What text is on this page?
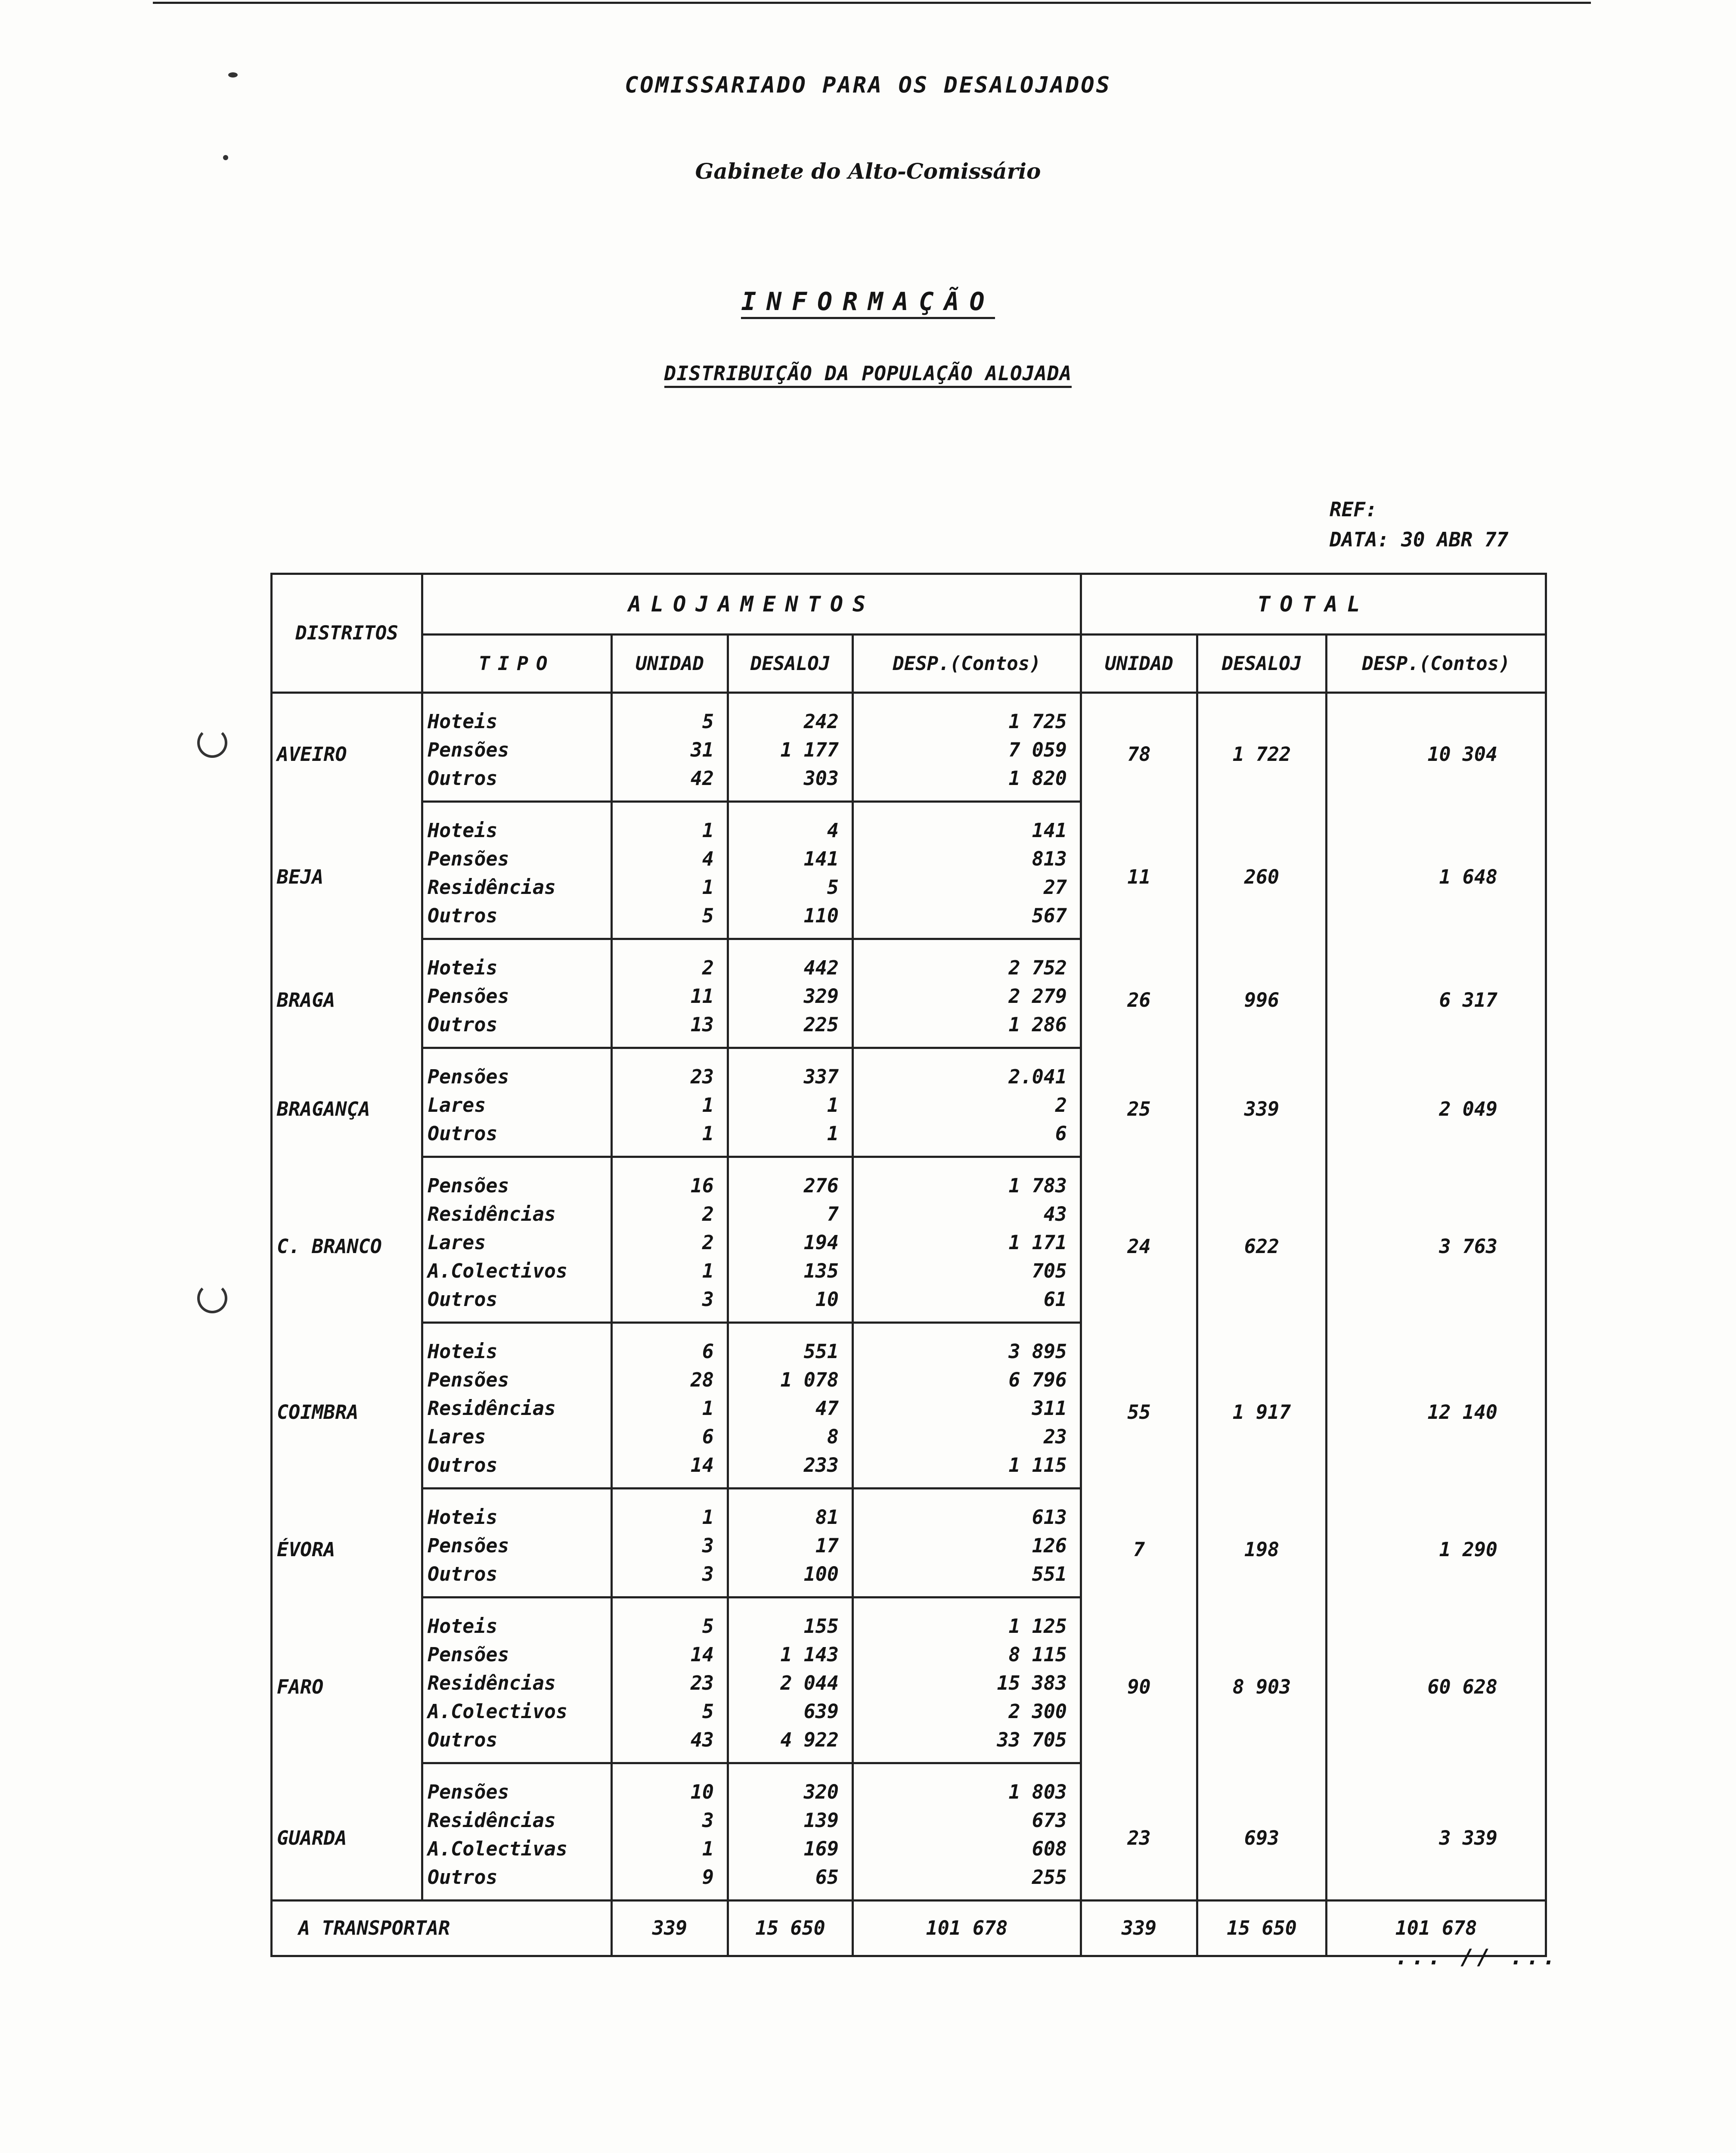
COMISSARIADO PARA OS DESALOJADOS
Gabinete do Alto-Comissário
INFORMAÇÃO
DISTRIBUIÇÃO DA POPULAÇÃO ALOJADA
REF:
DATA: 30 ABR 77
DISTRITOS	ALOJAMENTOS				TOTAL		
	TIPO	UNIDAD	DESALOJ	DESP.(Contos)	UNIDAD	DESALOJ	DESP.(Contos)
AVEIRO	Hoteis	5	242	1 725	78	1 722	10 304
	Pensões	31	1 177	7 059			
	Outros	42	303	1 820			
BEJA	Hoteis	1	4	141	11	260	1 648
	Pensões	4	141	813			
	Residências	1	5	27			
	Outros	5	110	567			
BRAGA	Hoteis	2	442	2 752	26	996	6 317
	Pensões	11	329	2 279			
	Outros	13	225	1 286			
BRAGANÇA	Pensões	23	337	2.041	25	339	2 049
	Lares	1	1	2			
	Outros	1	1	6			
C. BRANCO	Pensões	16	276	1 783	24	622	3 763
	Residências	2	7	43			
	Lares	2	194	1 171			
	A.Colectivos	1	135	705			
	Outros	3	10	61			
COIMBRA	Hoteis	6	551	3 895	55	1 917	12 140
	Pensões	28	1 078	6 796			
	Residências	1	47	311			
	Lares	6	8	23			
	Outros	14	233	1 115			
ÉVORA	Hoteis	1	81	613	7	198	1 290
	Pensões	3	17	126			
	Outros	3	100	551			
FARO	Hoteis	5	155	1 125	90	8 903	60 628
	Pensões	14	1 143	8 115			
	Residências	23	2 044	15 383			
	A.Colectivos	5	639	2 300			
	Outros	43	4 922	33 705			
GUARDA	Pensões	10	320	1 803	23	693	3 339
	Residências	3	139	673			
	A.Colectivas	1	169	608			
	Outros	9	65	255			
A TRANSPORTAR		339	15 650	101 678	339	15 650	101 678
... // ...
